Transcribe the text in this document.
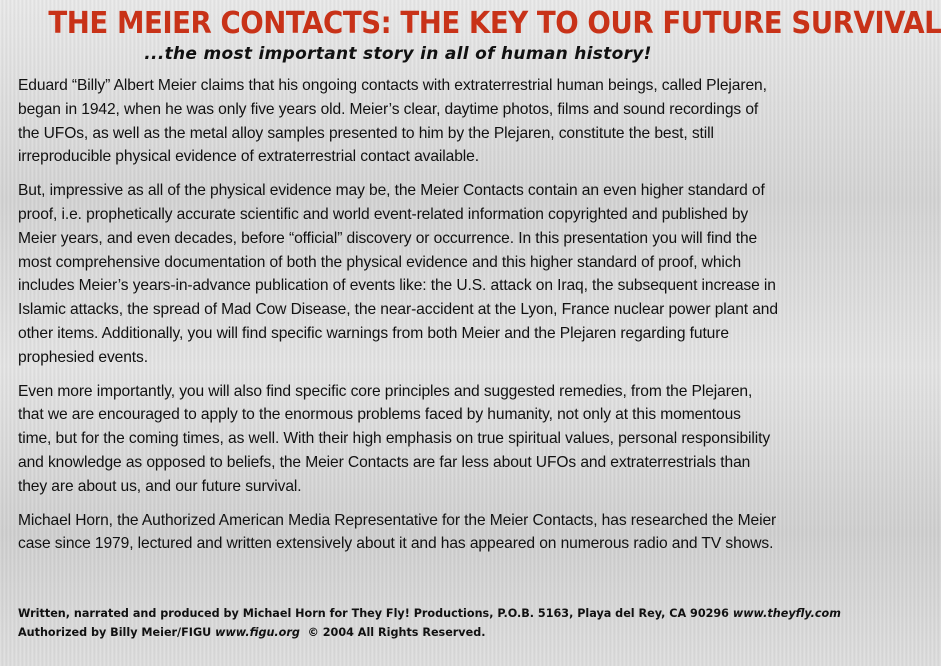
THE MEIER CONTACTS: THE KEY TO OUR FUTURE SURVIVAL
...the most important story in all of human history!

Eduard “Billy” Albert Meier claims that his ongoing contacts with extraterrestrial human beings, called Plejaren, began in 1942, when he was only five years old. Meier’s clear, daytime photos, films and sound recordings of the UFOs, as well as the metal alloy samples presented to him by the Plejaren, constitute the best, still irreproducible physical evidence of extraterrestrial contact available.

But, impressive as all of the physical evidence may be, the Meier Contacts contain an even higher standard of proof, i.e. prophetically accurate scientific and world event-related information copyrighted and published by Meier years, and even decades, before “official” discovery or occurrence. In this presentation you will find the most comprehensive documentation of both the physical evidence and this higher standard of proof, which includes Meier’s years-in-advance publication of events like: the U.S. attack on Iraq, the subsequent increase in Islamic attacks, the spread of Mad Cow Disease, the near-accident at the Lyon, France nuclear power plant and other items. Additionally, you will find specific warnings from both Meier and the Plejaren regarding future prophesied events.

Even more importantly, you will also find specific core principles and suggested remedies, from the Plejaren, that we are encouraged to apply to the enormous problems faced by humanity, not only at this momentous time, but for the coming times, as well. With their high emphasis on true spiritual values, personal responsibility and knowledge as opposed to beliefs, the Meier Contacts are far less about UFOs and extraterrestrials than they are about us, and our future survival.

Michael Horn, the Authorized American Media Representative for the Meier Contacts, has researched the Meier case since 1979, lectured and written extensively about it and has appeared on numerous radio and TV shows.

Written, narrated and produced by Michael Horn for They Fly! Productions, P.O.B. 5163, Playa del Rey, CA 90296 www.theyfly.com
Authorized by Billy Meier/FIGU www.figu.org  © 2004 All Rights Reserved.
